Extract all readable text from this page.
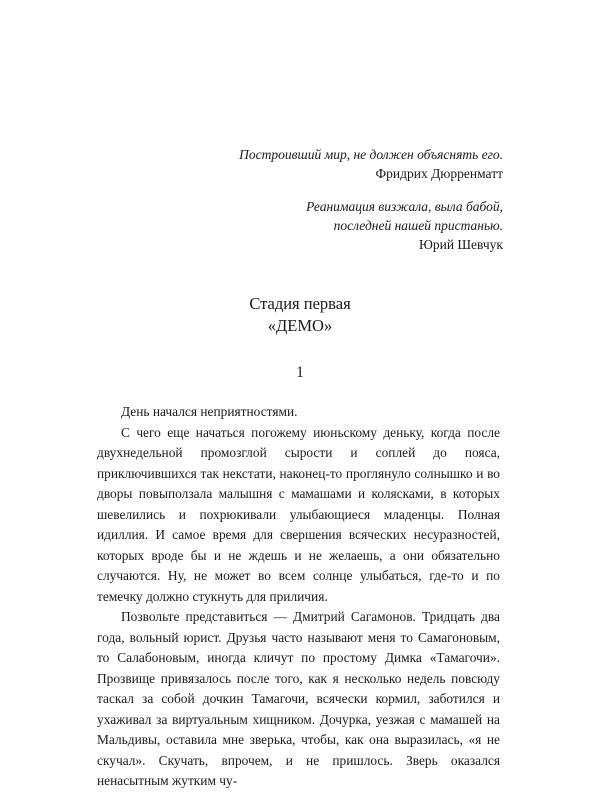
Построивший мир, не должен объяснять его.
Фридрих Дюрренматт
Реанимация визжала, выла бабой,
последней нашей пристанью.
Юрий Шевчук
Стадия первая
«ДЕМО»
1

День начался неприятностями.

С чего еще начаться погожему июньскому деньку, когда после двухнедельной промозглой сырости и соплей до пояса, приключившихся так некстати, наконец-то проглянуло солнышко и во дворы повыползала малышня с мамашами и колясками, в которых шевелились и похрюкивали улыбающиеся младенцы. Полная идиллия. И самое время для свершения всяческих несуразностей, которых вроде бы и не ждешь и не желаешь, а они обязательно случаются. Ну, не может во всем солнце улыбаться, где-то и по темечку должно стукнуть для приличия.

Позвольте представиться — Дмитрий Сагамонов. Тридцать два года, вольный юрист. Друзья часто называют меня то Самагоновым, то Салабоновым, иногда кличут по простому Димка «Тамагочи». Прозвище привязалось после того, как я несколько недель повсюду таскал за собой дочкин Тамагочи, всячески кормил, заботился и ухаживал за виртуальным хищником. Дочурка, уезжая с мамашей на Мальдивы, оставила мне зверька, чтобы, как она выразилась, «я не скучал». Скучать, впрочем, и не пришлось. Зверь оказался ненасытным жутким чу-
